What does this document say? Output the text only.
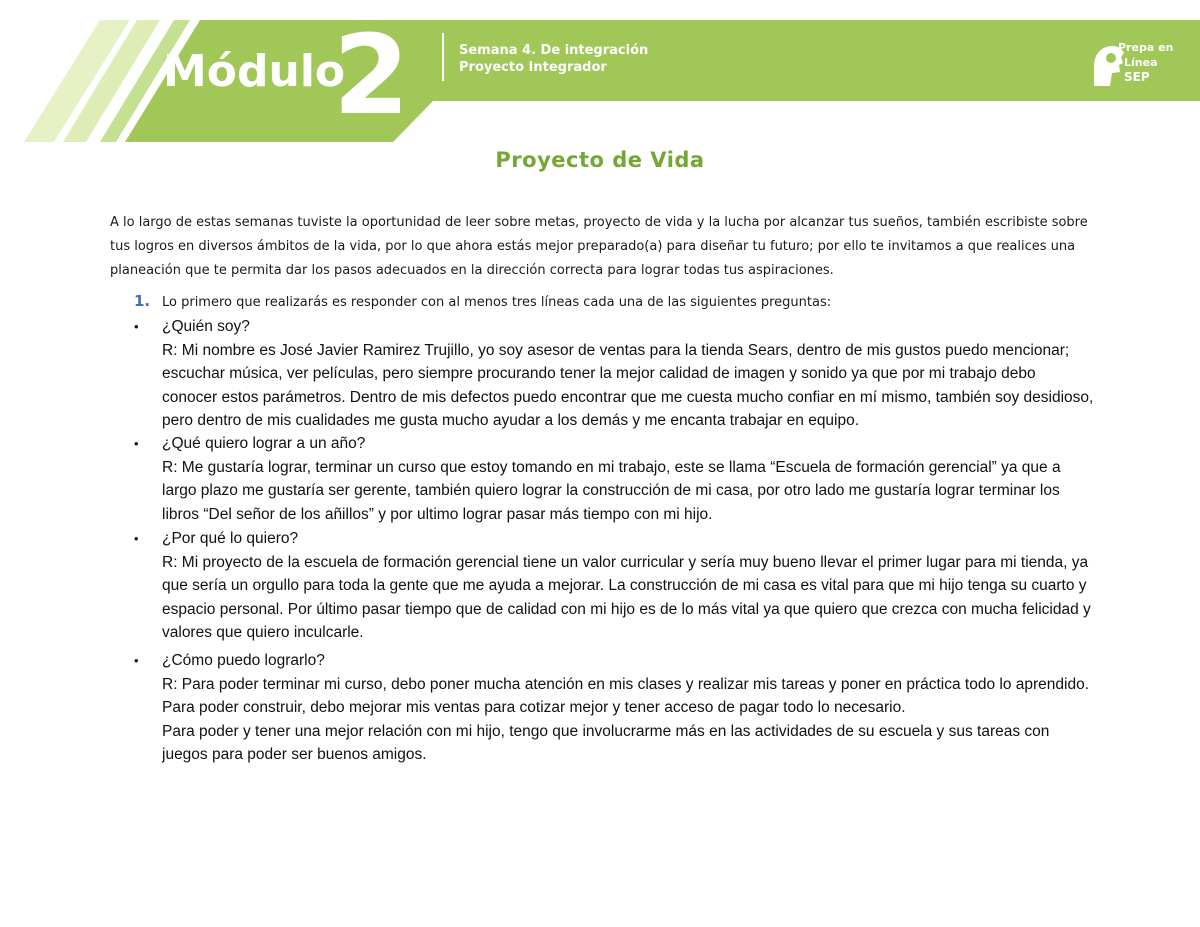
Módulo
2	Semana 4. De integración
Proyecto Integrador
Prepa en
Línea
SEP
Proyecto de Vida
A lo largo de estas semanas tuviste la oportunidad de leer sobre metas, proyecto de vida y la lucha por alcanzar tus sueños, también escribiste sobre tus logros en diversos ámbitos de la vida, por lo que ahora estás mejor preparado(a) para diseñar tu futuro; por ello te invitamos a que realices una planeación que te permita dar los pasos adecuados en la dirección correcta para lograr todas tus aspiraciones.
1. Lo primero que realizarás es responder con al menos tres líneas cada una de las siguientes preguntas:
•	¿Quién soy?
R: Mi nombre es José Javier Ramirez Trujillo, yo soy asesor de ventas para la tienda Sears, dentro de mis gustos puedo mencionar; escuchar música, ver películas, pero siempre procurando tener la mejor calidad de imagen y sonido ya que por mi trabajo debo conocer estos parámetros. Dentro de mis defectos puedo encontrar que me cuesta mucho confiar en mí mismo, también soy desidioso, pero dentro de mis cualidades me gusta mucho ayudar a los demás y me encanta trabajar en equipo.
•	¿Qué quiero lograr a un año?
R: Me gustaría lograr, terminar un curso que estoy tomando en mi trabajo, este se llama “Escuela de formación gerencial” ya que a largo plazo me gustaría ser gerente, también quiero lograr la construcción de mi casa, por otro lado me gustaría lograr terminar los libros “Del señor de los añillos” y por ultimo lograr pasar más tiempo con mi hijo.
•	¿Por qué lo quiero?
R: Mi proyecto de la escuela de formación gerencial tiene un valor curricular y sería muy bueno llevar el primer lugar para mi tienda, ya que sería un orgullo para toda la gente que me ayuda a mejorar. La construcción de mi casa es vital para que mi hijo tenga su cuarto y espacio personal. Por último pasar tiempo que de calidad con mi hijo es de lo más vital ya que quiero que crezca con mucha felicidad y valores que quiero inculcarle.
•	¿Cómo puedo lograrlo?
R: Para poder terminar mi curso, debo poner mucha atención en mis clases y realizar mis tareas y poner en práctica todo lo aprendido. Para poder construir, debo mejorar mis ventas para cotizar mejor y tener acceso de pagar todo lo necesario.
Para poder y tener una mejor relación con mi hijo, tengo que involucrarme más en las actividades de su escuela y sus tareas con juegos para poder ser buenos amigos.
